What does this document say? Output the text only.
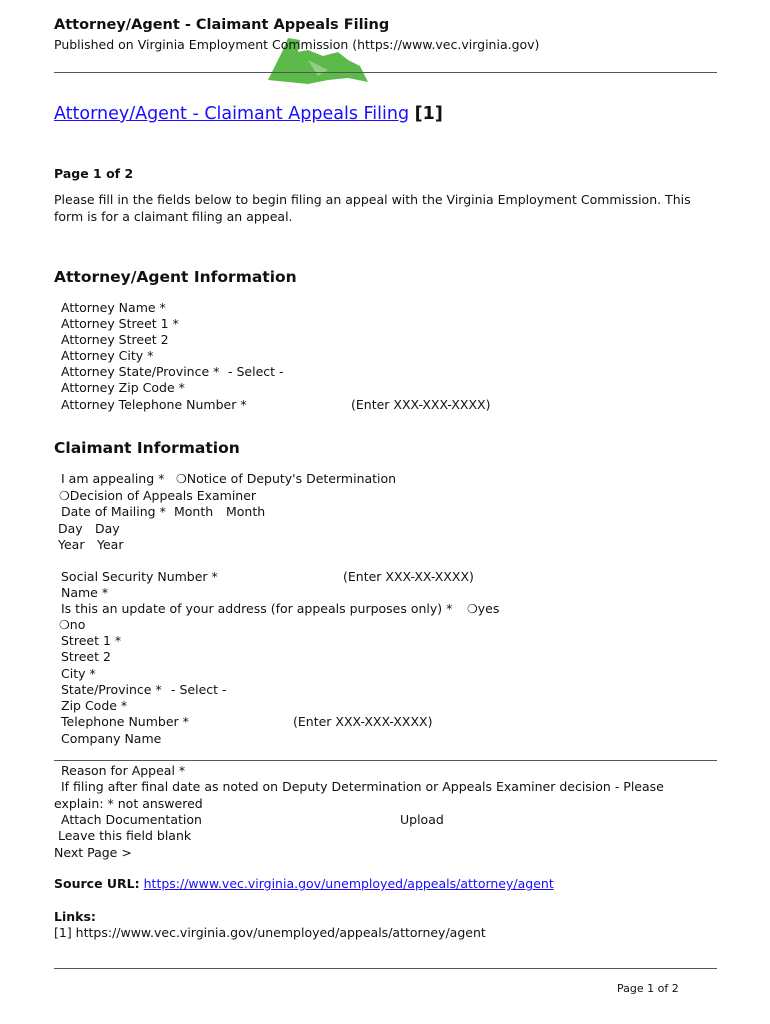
Attorney/Agent - Claimant Appeals Filing
Published on Virginia Employment Commission (https://www.vec.virginia.gov)
Attorney/Agent - Claimant Appeals Filing [1]
Page 1 of 2
Please fill in the fields below to begin filing an appeal with the Virginia Employment Commission. This
form is for a claimant filing an appeal.
Attorney/Agent Information
Attorney Name *
Attorney Street 1 *
Attorney Street 2
Attorney City *
Attorney State/Province * - Select -
Attorney Zip Code *
Attorney Telephone Number *	(Enter XXX-XXX-XXXX)
Claimant Information
I am appealing * ❍Notice of Deputy's Determination
❍Decision of Appeals Examiner
Date of Mailing * Month Month
Day Day
Year Year
Social Security Number *	(Enter XXX-XX-XXXX)
Name *
Is this an update of your address (for appeals purposes only) * ❍yes
❍no
Street 1 *
Street 2
City *
State/Province * - Select -
Zip Code *
Telephone Number *	(Enter XXX-XXX-XXXX)
Company Name
Reason for Appeal *
If filing after final date as noted on Deputy Determination or Appeals Examiner decision - Please
explain: * not answered
Attach Documentation	Upload
Leave this field blank
Next Page >
Source URL: https://www.vec.virginia.gov/unemployed/appeals/attorney/agent
Links:
[1] https://www.vec.virginia.gov/unemployed/appeals/attorney/agent
Page 1 of 2
